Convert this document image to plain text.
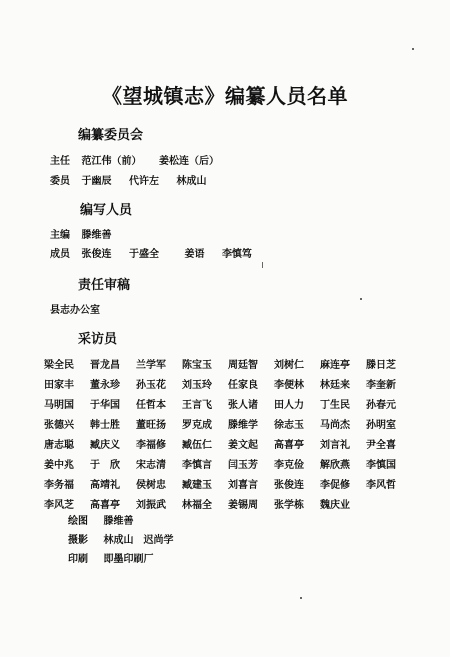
《望城镇志》编纂人员名单
编纂委员会
主任 范江伟（前） 姜松连（后）
委员 于幽辰 代许左 林成山
编写人员
主编 滕维善
成员 张俊连 于盛全	姜语 李慎笃
责任审稿
县志办公室
采访员
梁全民	晋龙昌	兰学军	陈宝玉	周廷智	刘树仁	麻连亭	滕日芝
田家丰	董永珍	孙玉花	刘玉玲	任家良	李便林	林廷来	李奎新
马明国	于华国	任哲本	王言飞	张人诸	田人力	丁生民	孙春元
张德兴	韩士胜	董旺扬	罗克成	滕维学	徐志玉	马尚杰	孙明室
唐志聪	臧庆义	李福修	臧伍仁	姜文起	高喜亭	刘言礼	尹全喜
姜中兆	于　欣	宋志清	李慎言	闫玉芳	李克俭	解欣燕	李慎国
李务福	高靖礼	侯树忠	臧建玉	刘喜言	张俊连	李促修	李风哲
李风芝	高喜亭	刘振武	林福全	姜锡周	张学栋	魏庆业
绘图 滕维善
摄影 林成山　迟尚学
印刷 即墨印刷厂
